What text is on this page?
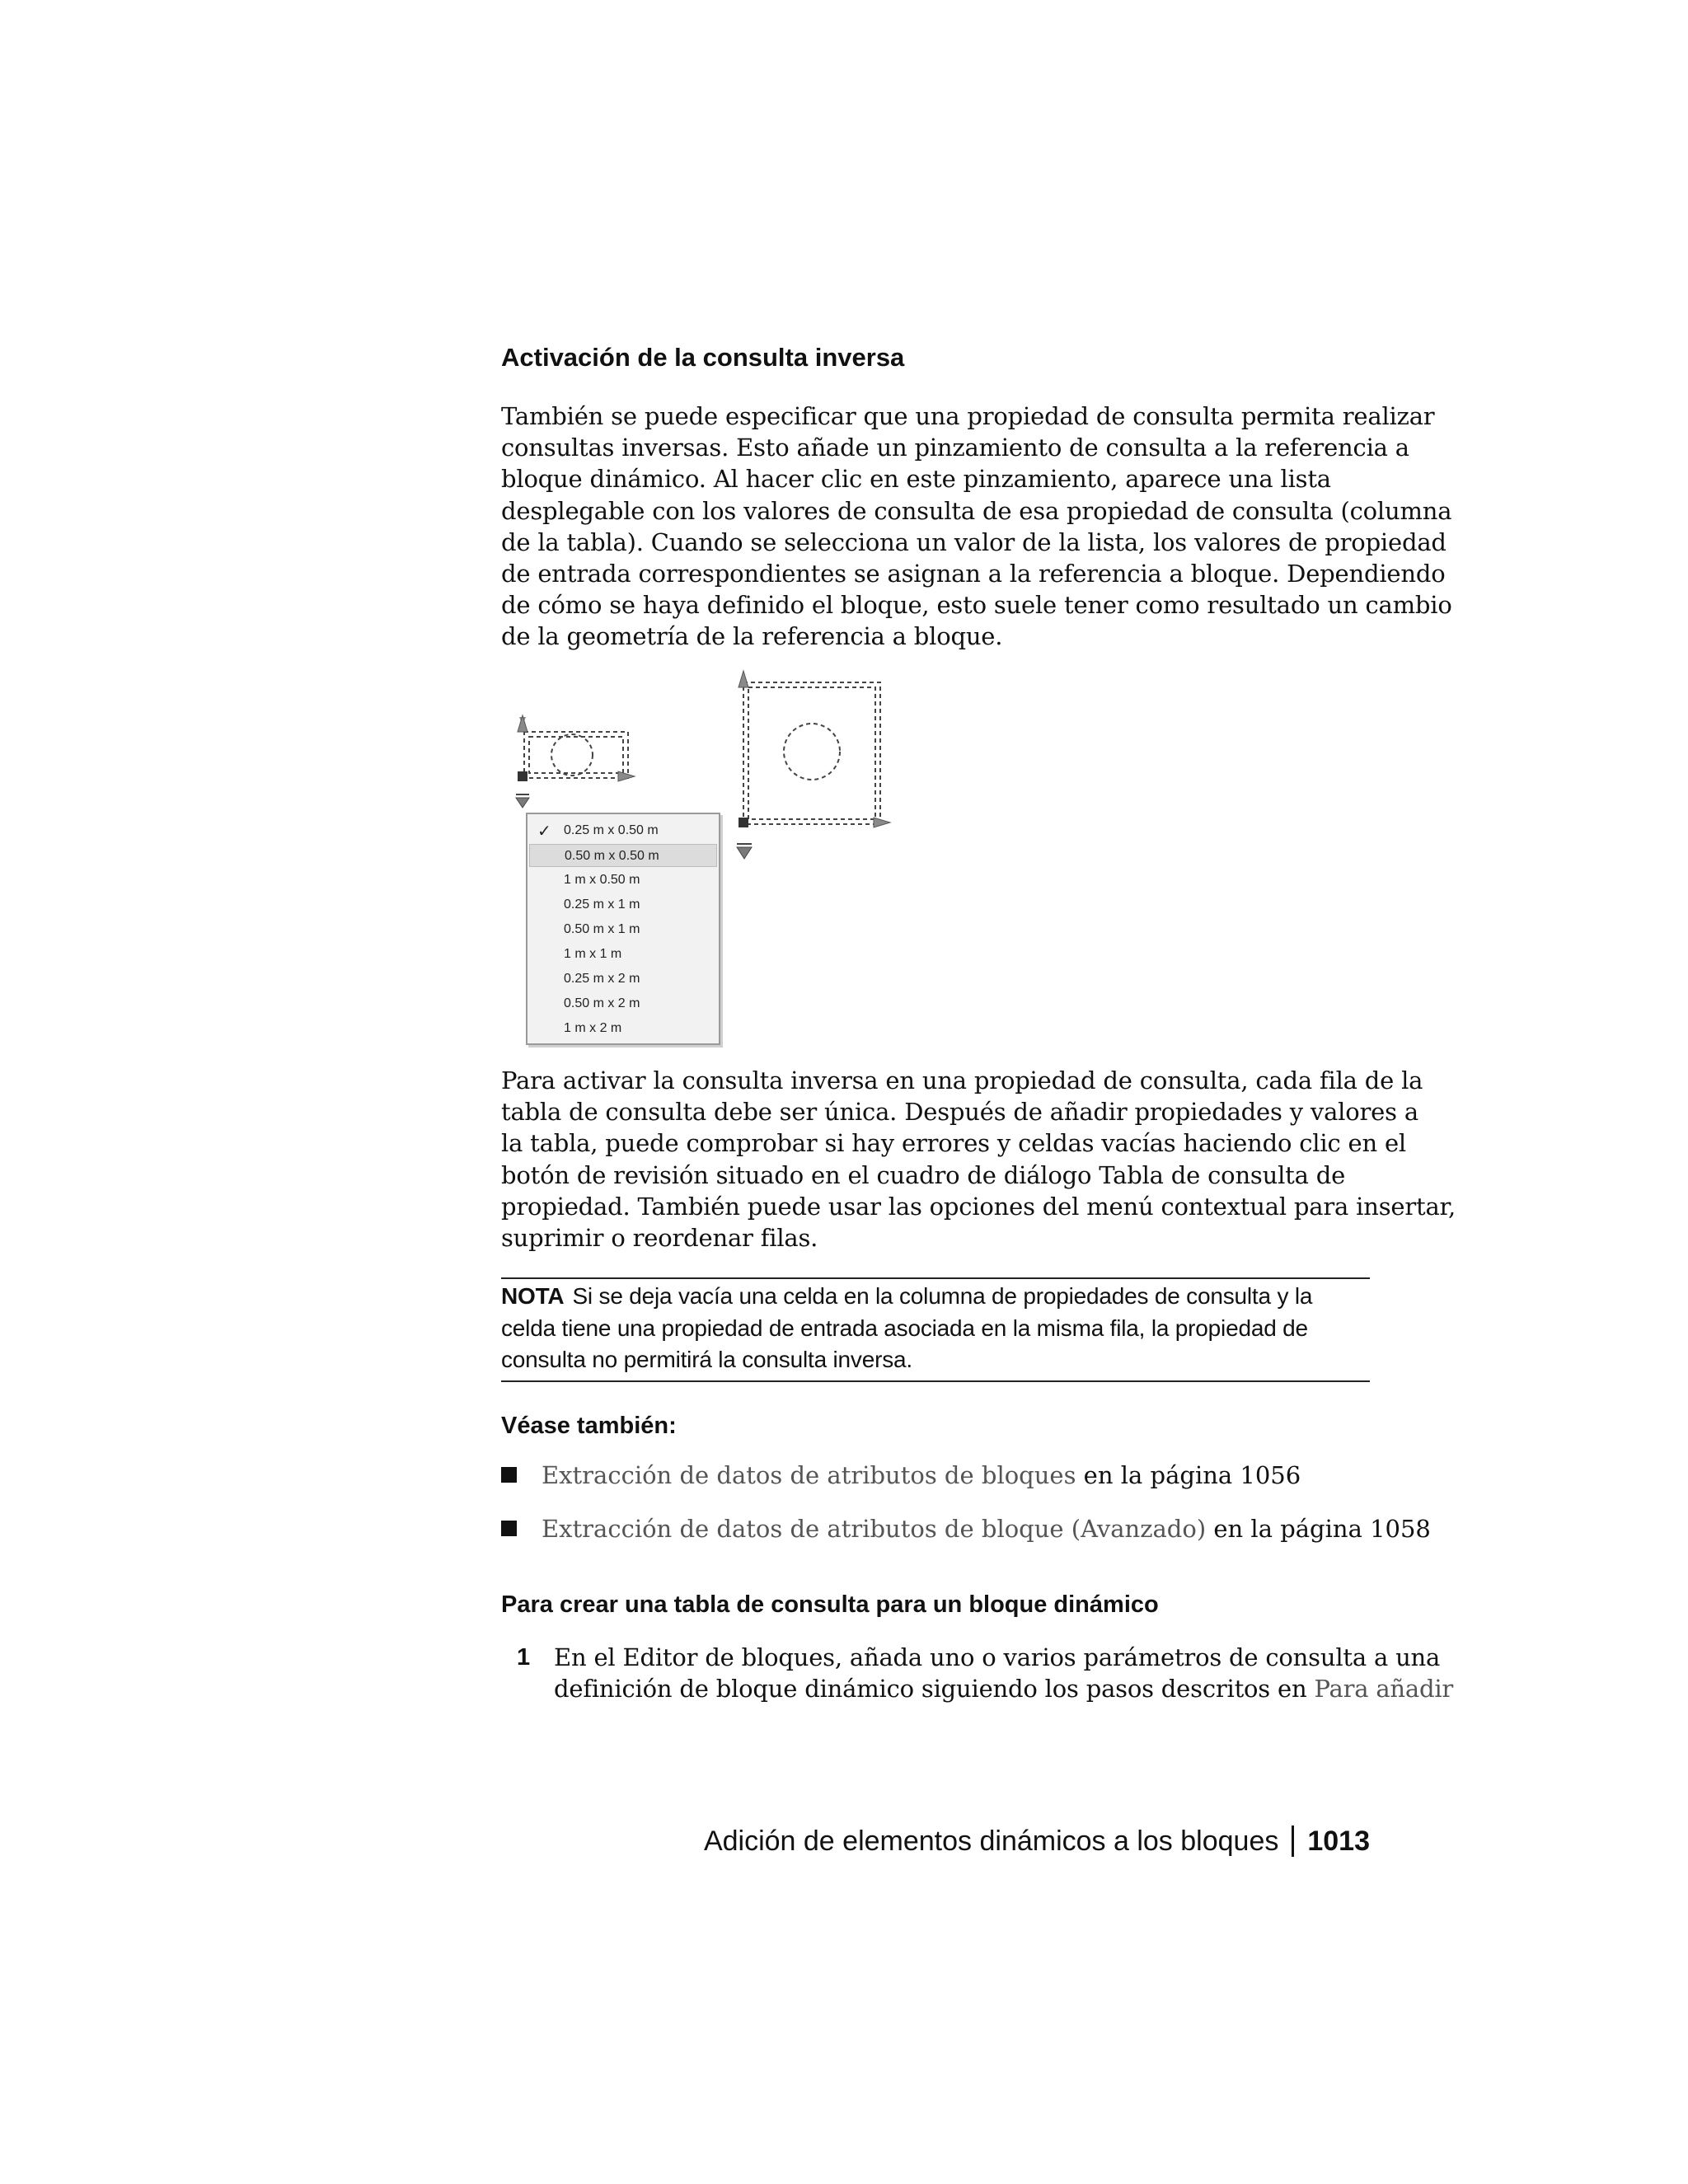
Activación de la consulta inversa

También se puede especificar que una propiedad de consulta permita realizar
consultas inversas. Esto añade un pinzamiento de consulta a la referencia a
bloque dinámico. Al hacer clic en este pinzamiento, aparece una lista
desplegable con los valores de consulta de esa propiedad de consulta (columna
de la tabla). Cuando se selecciona un valor de la lista, los valores de propiedad
de entrada correspondientes se asignan a la referencia a bloque. Dependiendo
de cómo se haya definido el bloque, esto suele tener como resultado un cambio
de la geometría de la referencia a bloque.

✓ 0.25 m x 0.50 m
0.50 m x 0.50 m
1 m x 0.50 m
0.25 m x 1 m
0.50 m x 1 m
1 m x 1 m
0.25 m x 2 m
0.50 m x 2 m
1 m x 2 m

Para activar la consulta inversa en una propiedad de consulta, cada fila de la
tabla de consulta debe ser única. Después de añadir propiedades y valores a
la tabla, puede comprobar si hay errores y celdas vacías haciendo clic en el
botón de revisión situado en el cuadro de diálogo Tabla de consulta de
propiedad. También puede usar las opciones del menú contextual para insertar,
suprimir o reordenar filas.

NOTA Si se deja vacía una celda en la columna de propiedades de consulta y la
celda tiene una propiedad de entrada asociada en la misma fila, la propiedad de
consulta no permitirá la consulta inversa.
Véase también:
Extracción de datos de atributos de bloques en la página 1056
Extracción de datos de atributos de bloque (Avanzado) en la página 1058
Para crear una tabla de consulta para un bloque dinámico
1 En el Editor de bloques, añada uno o varios parámetros de consulta a una
definición de bloque dinámico siguiendo los pasos descritos en Para añadir
Adición de elementos dinámicos a los bloques 1013
